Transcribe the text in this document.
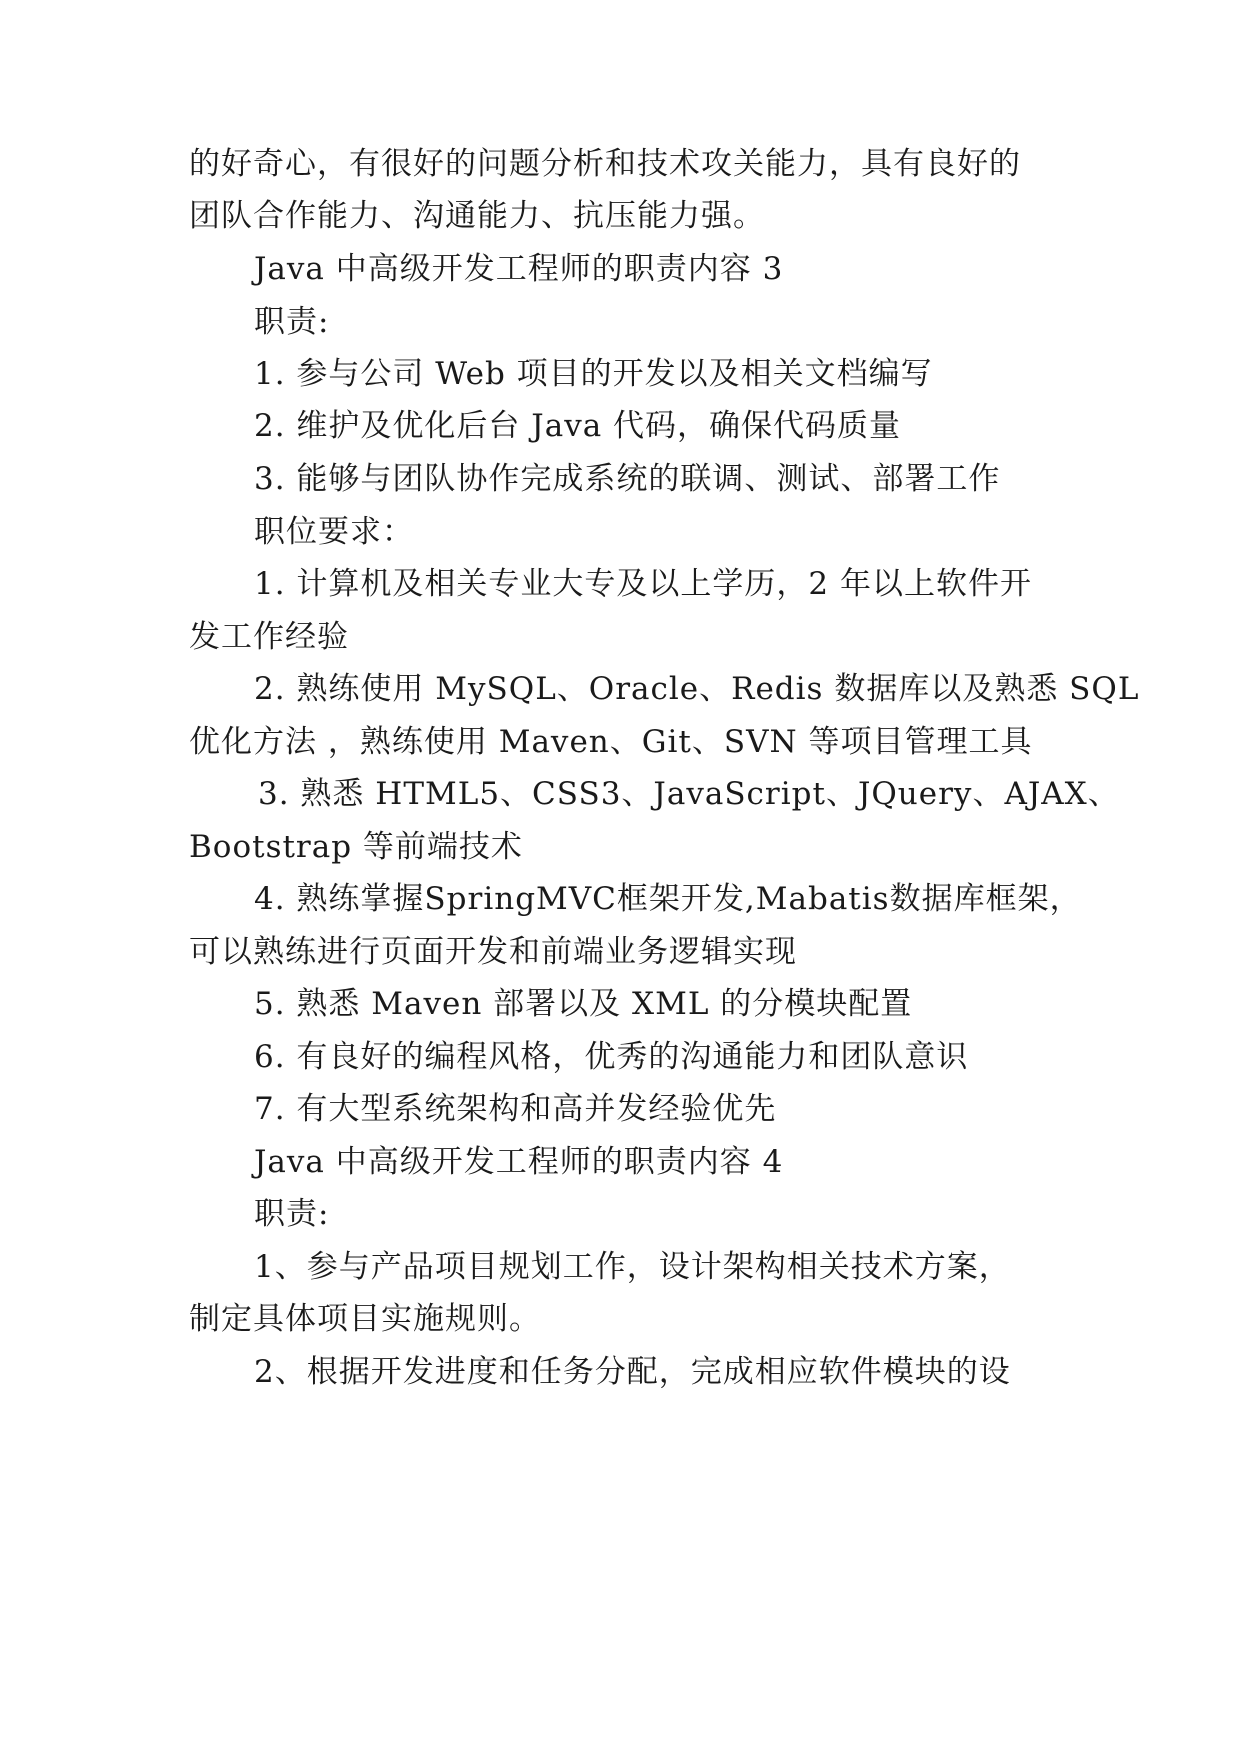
的好奇心，有很好的问题分析和技术攻关能力，具有良好的
团队合作能力、沟通能力、抗压能力强。
Java 中高级开发工程师的职责内容 3
职责:
1. 参与公司 Web 项目的开发以及相关文档编写
2. 维护及优化后台 Java 代码，确保代码质量
3. 能够与团队协作完成系统的联调、测试、部署工作
职位要求：
1. 计算机及相关专业大专及以上学历，2 年以上软件开
发工作经验
2. 熟练使用 MySQL、Oracle、Redis 数据库以及熟悉 SQL
优化方法 ，熟练使用 Maven、Git、SVN 等项目管理工具
3. 熟悉 HTML5、CSS3、JavaScript、JQuery、AJAX、
Bootstrap 等前端技术
4. 熟练掌握SpringMVC框架开发,Mabatis数据库框架，
可以熟练进行页面开发和前端业务逻辑实现
5. 熟悉 Maven 部署以及 XML 的分模块配置
6. 有良好的编程风格，优秀的沟通能力和团队意识
7. 有大型系统架构和高并发经验优先
Java 中高级开发工程师的职责内容 4
职责:
1、参与产品项目规划工作，设计架构相关技术方案，
制定具体项目实施规则。
2、根据开发进度和任务分配，完成相应软件模块的设
